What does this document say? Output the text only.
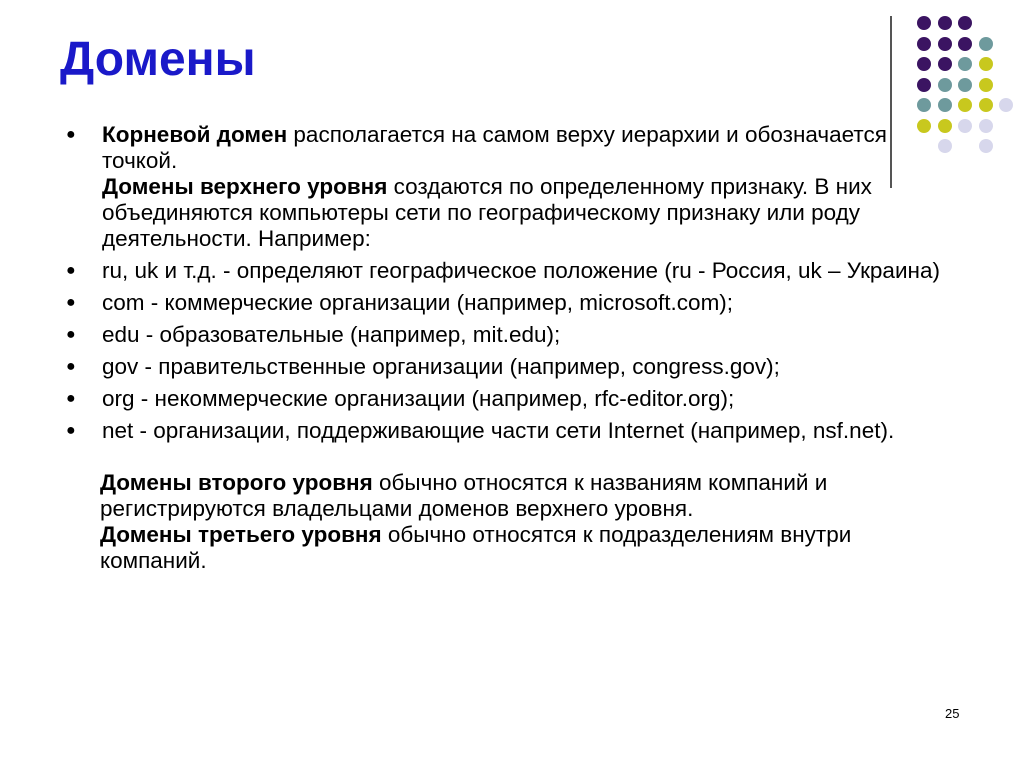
Домены
●	Корневой домен располагается на самом верху иерархии и обозначается точкой.
Домены верхнего уровня создаются по определенному признаку. В них объединяются компьютеры сети по географическому признаку или роду деятельности. Например:
●	ru, uk и т.д. - определяют географическое положение (ru - Россия, uk – Украина)
●	com - коммерческие организации (например, microsoft.com);
●	edu - образовательные (например, mit.edu);
●	gov - правительственные организации (например, congress.gov);
●	org - некоммерческие организации (например, rfc-editor.org);
●	net - организации, поддерживающие части сети Internet (например, nsf.net).
Домены второго уровня обычно относятся к названиям компаний и регистрируются владельцами доменов верхнего уровня.
Домены третьего уровня обычно относятся к подразделениям внутри компаний.
25
